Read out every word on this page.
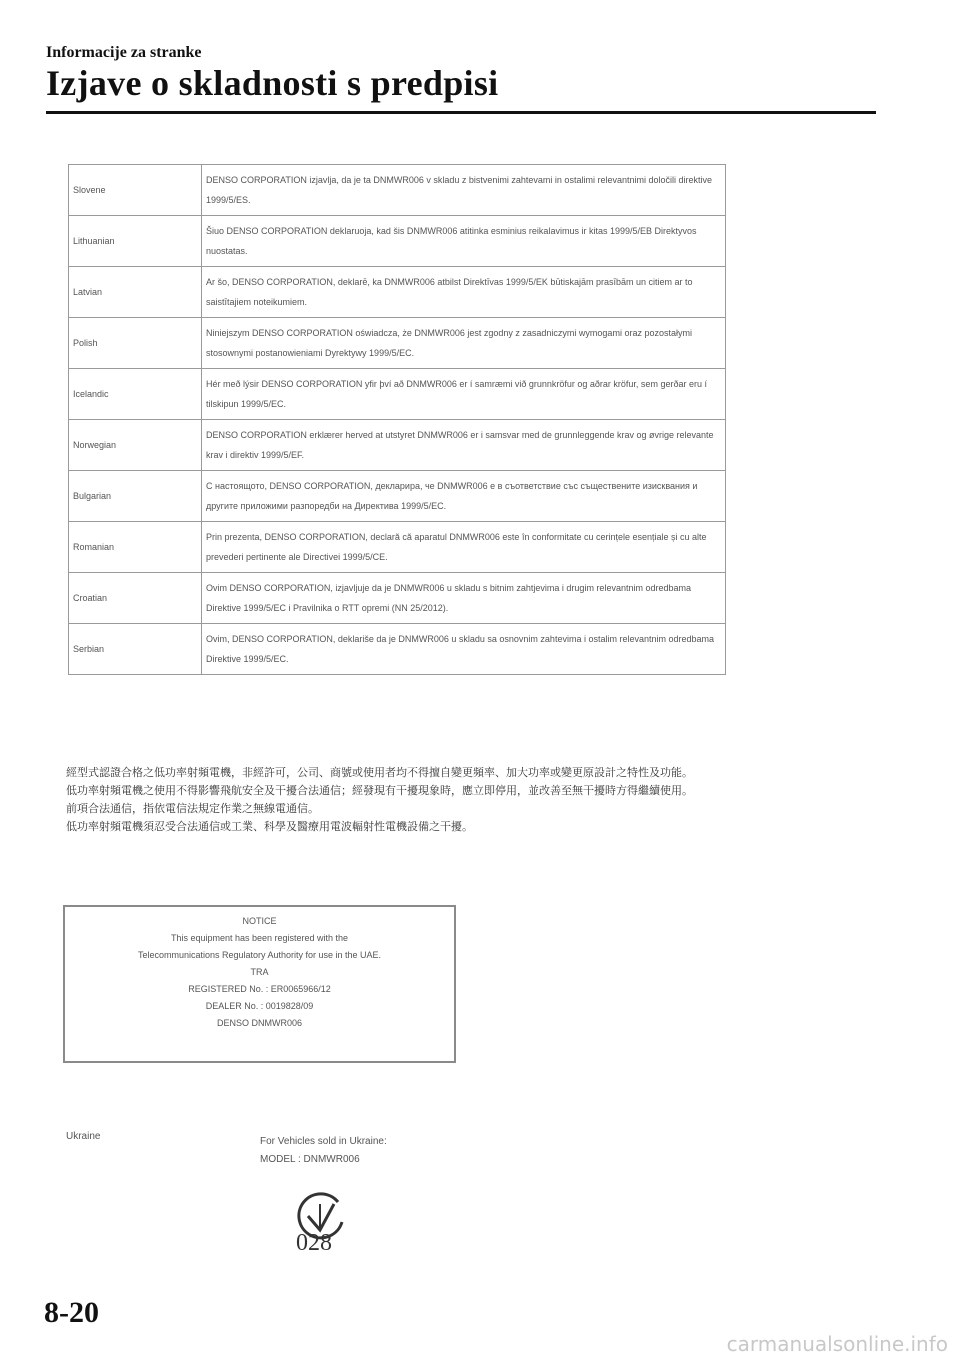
Informacije za stranke
Izjave o skladnosti s predpisi
Slovene	DENSO CORPORATION izjavlja, da je ta DNMWR006 v skladu z bistvenimi zahtevami in ostalimi relevantnimi določili direktive 1999/5/ES.
Lithuanian	Šiuo DENSO CORPORATION deklaruoja, kad šis DNMWR006 atitinka esminius reikalavimus ir kitas 1999/5/EB Direktyvos nuostatas.
Latvian	Ar šo, DENSO CORPORATION, deklarē, ka DNMWR006 atbilst Direktīvas 1999/5/EK būtiskajām prasībām un citiem ar to saistītajiem noteikumiem.
Polish	Niniejszym DENSO CORPORATION oświadcza, że DNMWR006 jest zgodny z zasadniczymi wymogami oraz pozostałymi stosownymi postanowieniami Dyrektywy 1999/5/EC.
Icelandic	Hér með lýsir DENSO CORPORATION yfir því að DNMWR006 er í samræmi við grunnkröfur og aðrar kröfur, sem gerðar eru í tilskipun 1999/5/EC.
Norwegian	DENSO CORPORATION erklærer herved at utstyret DNMWR006 er i samsvar med de grunnleggende krav og øvrige relevante krav i direktiv 1999/5/EF.
Bulgarian	С настоящото, DENSO CORPORATION, декларира, че DNMWR006 е в съответствие със съществените изисквания и другите приложими разпоредби на Директива 1999/5/ЕС.
Romanian	Prin prezenta, DENSO CORPORATION, declară că aparatul DNMWR006 este în conformitate cu cerințele esențiale și cu alte prevederi pertinente ale Directivei 1999/5/CE.
Croatian	Ovim DENSO CORPORATION, izjavljuje da je DNMWR006 u skladu s bitnim zahtjevima i drugim relevantnim odredbama Direktive 1999/5/EC i Pravilnika o RTT opremi (NN 25/2012).
Serbian	Ovim, DENSO CORPORATION, deklariše da je DNMWR006 u skladu sa osnovnim zahtevima i ostalim relevantnim odredbama Direktive 1999/5/EC.

經型式認證合格之低功率射頻電機，非經許可，公司、商號或使用者均不得擅自變更頻率、加大功率或變更原設計之特性及功能。

低功率射頻電機之使用不得影響飛航安全及干擾合法通信；經發現有干擾現象時，應立即停用，並改善至無干擾時方得繼續使用。

前項合法通信，指依電信法規定作業之無線電通信。

低功率射頻電機須忍受合法通信或工業、科學及醫療用電波輻射性電機設備之干擾。

NOTICE
This equipment has been registered with the
Telecommunications Regulatory Authority for use in the UAE.
TRA
REGISTERED No. : ER0065966/12
DEALER No. : 0019828/09
DENSO DNMWR006
Ukraine	For Vehicles sold in Ukraine:
MODEL : DNMWR006
028
8-20
carmanualsonline.info
